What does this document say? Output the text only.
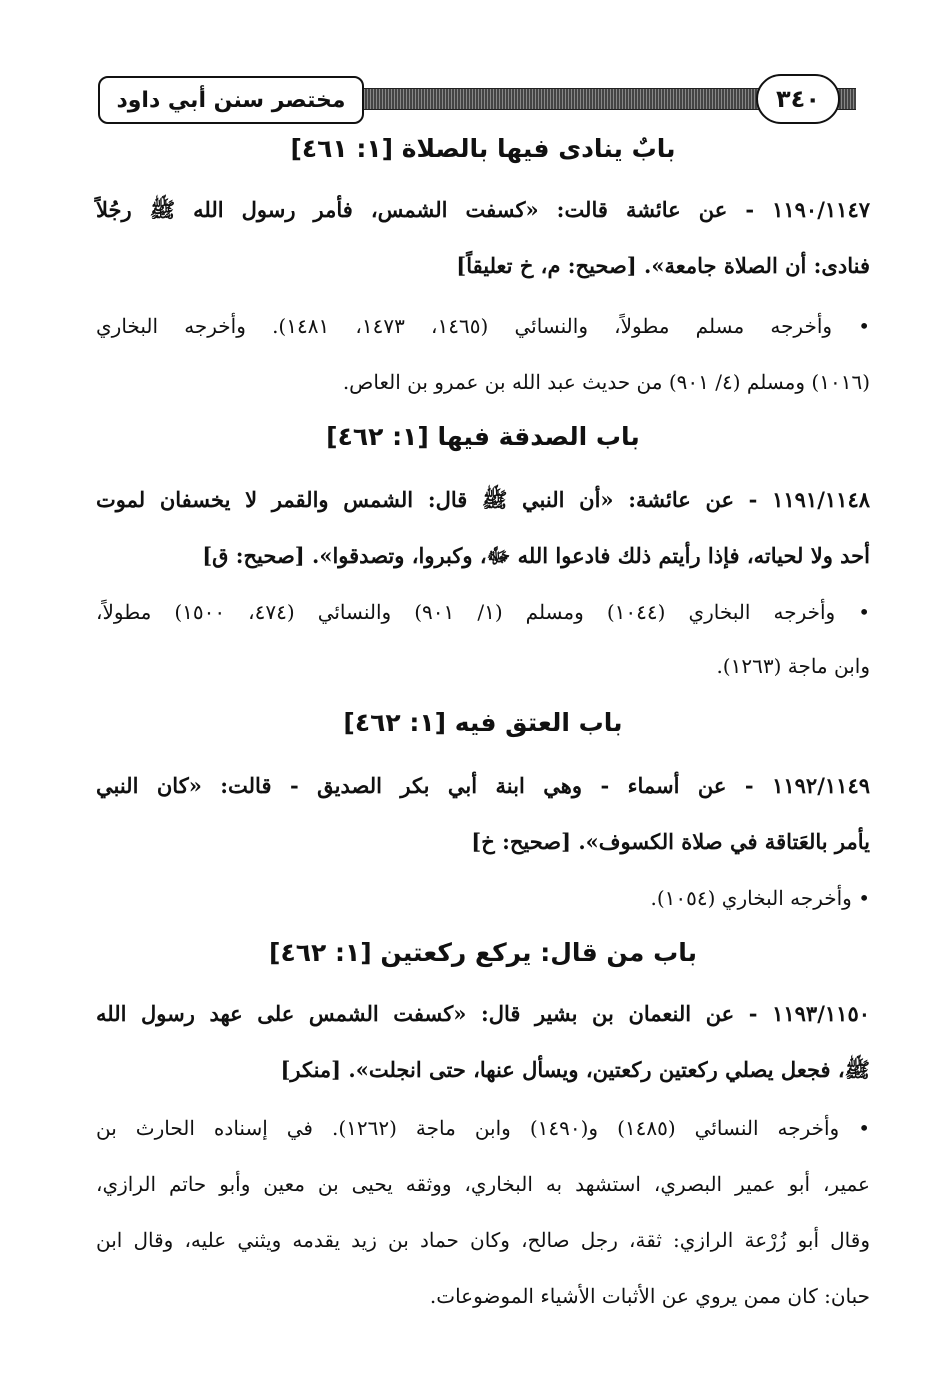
مختصر سنن أبي داود	٣٤٠
بابٌ ينادى فيها بالصلاة [١: ٤٦١]
١١٩٠/١١٤٧ - عن عائشة قالت: «كسفت الشمس، فأمر رسول الله ﷺ رجُلاً
فنادى: أن الصلاة جامعة». [صحيح: م، خ تعليقاً]
• وأخرجه مسلم مطولاً، والنسائي (١٤٦٥، ١٤٧٣، ١٤٨١). وأخرجه البخاري
(١٠١٦) ومسلم (٤/ ٩٠١) من حديث عبد الله بن عمرو بن العاص.
باب الصدقة فيها [١: ٤٦٢]
١١٩١/١١٤٨ - عن عائشة: «أن النبي ﷺ قال: الشمس والقمر لا يخسفان لموت
أحد ولا لحياته، فإذا رأيتم ذلك فادعوا الله ﷻ، وكبروا، وتصدقوا». [صحيح: ق]
• وأخرجه البخاري (١٠٤٤) ومسلم (١/ ٩٠١) والنسائي (٤٧٤، ١٥٠٠) مطولاً،
وابن ماجة (١٢٦٣).
باب العتق فيه [١: ٤٦٢]
١١٩٢/١١٤٩ - عن أسماء - وهي ابنة أبي بكر الصديق - قالت: «كان النبي
يأمر بالعَتاقة في صلاة الكسوف». [صحيح: خ]
• وأخرجه البخاري (١٠٥٤).
باب من قال: يركع ركعتين [١: ٤٦٢]
١١٩٣/١١٥٠ - عن النعمان بن بشير قال: «كسفت الشمس على عهد رسول الله
ﷺ، فجعل يصلي ركعتين ركعتين، ويسأل عنها، حتى انجلت». [منكر]
• وأخرجه النسائي (١٤٨٥) و(١٤٩٠) وابن ماجة (١٢٦٢). في إسناده الحارث بن
عمير، أبو عمير البصري، استشهد به البخاري، ووثقه يحيى بن معين وأبو حاتم الرازي،
وقال أبو زُرْعة الرازي: ثقة، رجل صالح، وكان حماد بن زيد يقدمه ويثني عليه، وقال ابن
حبان: كان ممن يروي عن الأثبات الأشياء الموضوعات.
